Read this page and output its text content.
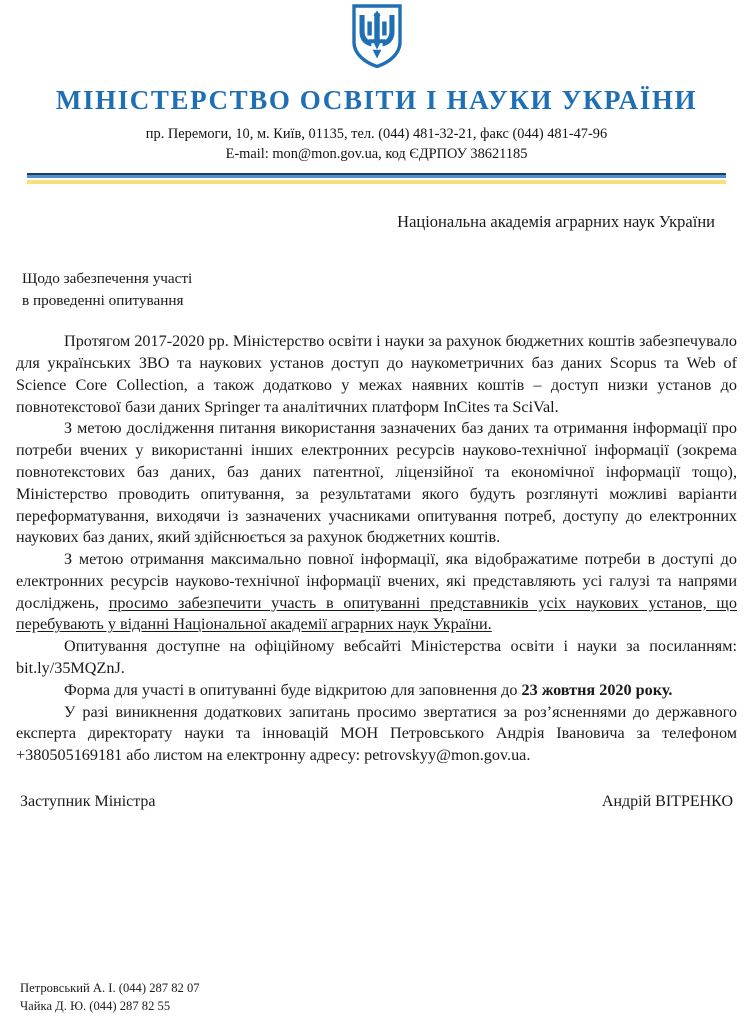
МІНІСТЕРСТВО ОСВІТИ І НАУКИ УКРАЇНИ
пр. Перемоги, 10, м. Київ, 01135, тел. (044) 481-32-21, факс (044) 481-47-96
E-mail: mon@mon.gov.ua, код ЄДРПОУ 38621185
Національна академія аграрних наук України
Щодо забезпечення участі
в проведенні опитування

Протягом 2017-2020 рр. Міністерство освіти і науки за рахунок бюджетних коштів забезпечувало для українських ЗВО та наукових установ доступ до наукометричних баз даних Scopus та Web of Science Core Collection, а також додатково у межах наявних коштів – доступ низки установ до повнотекстової бази даних Springer та аналітичних платформ InCites та SciVal.

З метою дослідження питання використання зазначених баз даних та отримання інформації про потреби вчених у використанні інших електронних ресурсів науково-технічної інформації (зокрема повнотекстових баз даних, баз даних патентної, ліцензійної та економічної інформації тощо), Міністерство проводить опитування, за результатами якого будуть розглянуті можливі варіанти переформатування, виходячи із зазначених учасниками опитування потреб, доступу до електронних наукових баз даних, який здійснюється за рахунок бюджетних коштів.

З метою отримання максимально повної інформації, яка відображатиме потреби в доступі до електронних ресурсів науково-технічної інформації вчених, які представляють усі галузі та напрями досліджень, просимо забезпечити участь в опитуванні представників усіх наукових установ, що перебувають у віданні Національної академії аграрних наук України.

Опитування доступне на офіційному вебсайті Міністерства освіти і науки за посиланням: bit.ly/35MQZnJ.

Форма для участі в опитуванні буде відкритою для заповнення до 23 жовтня 2020 року.

У разі виникнення додаткових запитань просимо звертатися за роз’ясненнями до державного експерта директорату науки та інновацій МОН Петровського Андрія Івановича за телефоном +380505169181 або листом на електронну адресу: petrovskyy@mon.gov.ua.

Заступник Міністра	Андрій ВІТРЕНКО
Петровський А. І. (044) 287 82 07
Чайка Д. Ю. (044) 287 82 55
